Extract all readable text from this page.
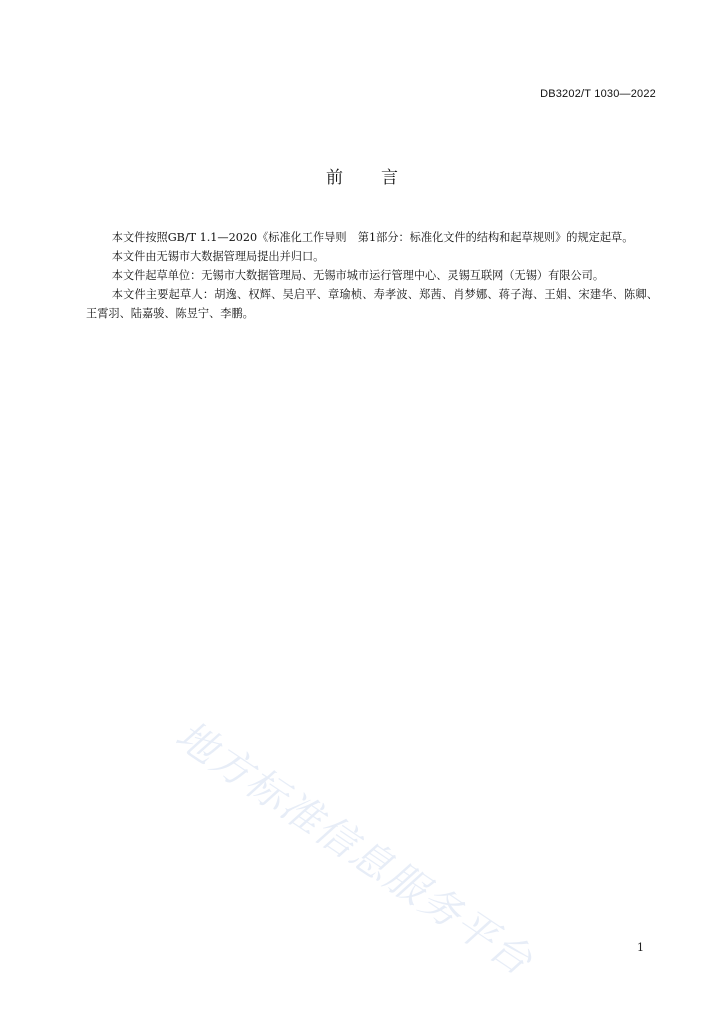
DB3202/T 1030—2022
前 言

本文件按照GB/T 1.1—2020《标准化工作导则　第1部分：标准化文件的结构和起草规则》的规定起草。

本文件由无锡市大数据管理局提出并归口。

本文件起草单位：无锡市大数据管理局、无锡市城市运行管理中心、灵锡互联网（无锡）有限公司。

本文件主要起草人：胡逸、权辉、吴启平、章瑜桢、寿孝波、郑茜、肖梦娜、蒋子海、王娟、宋建华、陈卿、王霄羽、陆嘉骏、陈昱宁、李鹏。

地方标准信息服务平台	1
